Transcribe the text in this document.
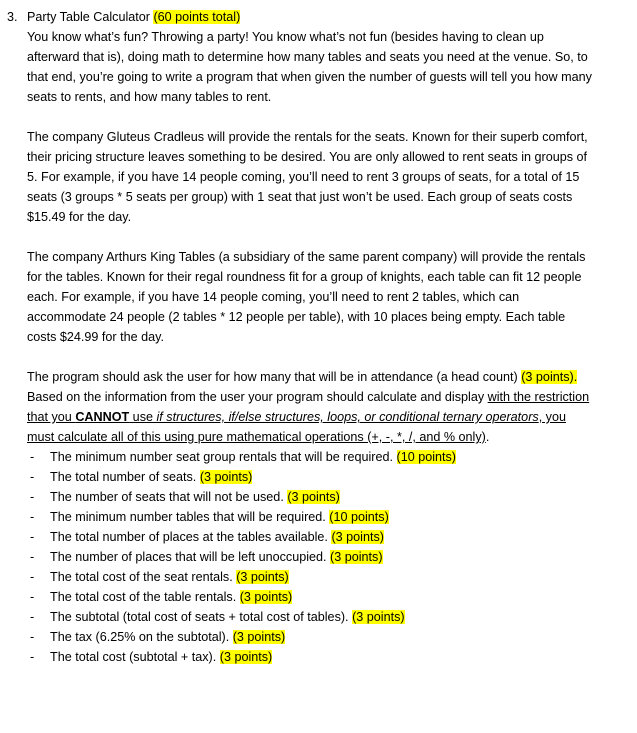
3. Party Table Calculator (60 points total)

You know what’s fun? Throwing a party! You know what’s not fun (besides having to clean up afterward that is), doing math to determine how many tables and seats you need at the venue. So, to that end, you’re going to write a program that when given the number of guests will tell you how many seats to rents, and how many tables to rent.

The company Gluteus Cradleus will provide the rentals for the seats. Known for their superb comfort, their pricing structure leaves something to be desired. You are only allowed to rent seats in groups of 5. For example, if you have 14 people coming, you’ll need to rent 3 groups of seats, for a total of 15 seats (3 groups * 5 seats per group) with 1 seat that just won’t be used. Each group of seats costs $15.49 for the day.

The company Arthurs King Tables (a subsidiary of the same parent company) will provide the rentals for the tables. Known for their regal roundness fit for a group of knights, each table can fit 12 people each. For example, if you have 14 people coming, you’ll need to rent 2 tables, which can accommodate 24 people (2 tables * 12 people per table), with 10 places being empty. Each table costs $24.99 for the day.

The program should ask the user for how many that will be in attendance (a head count) (3 points).
Based on the information from the user your program should calculate and display with the restriction that you CANNOT use if structures, if/else structures, loops, or conditional ternary operators, you must calculate all of this using pure mathematical operations (+, -, *, /, and % only).
- The minimum number seat group rentals that will be required. (10 points)
- The total number of seats. (3 points)
- The number of seats that will not be used. (3 points)
- The minimum number tables that will be required. (10 points)
- The total number of places at the tables available. (3 points)
- The number of places that will be left unoccupied. (3 points)
- The total cost of the seat rentals. (3 points)
- The total cost of the table rentals. (3 points)
- The subtotal (total cost of seats + total cost of tables). (3 points)
- The tax (6.25% on the subtotal). (3 points)
- The total cost (subtotal + tax). (3 points)
